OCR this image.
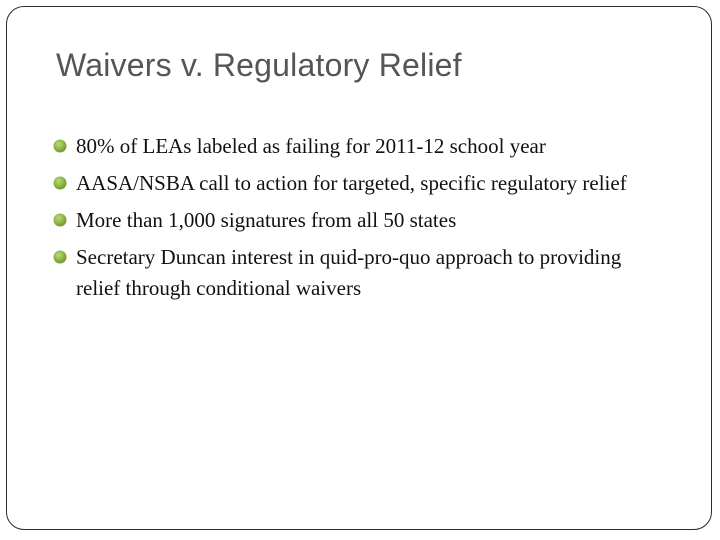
Waivers v. Regulatory Relief
80% of LEAs labeled as failing for 2011-12 school year
AASA/NSBA call to action for targeted, specific regulatory relief
More than 1,000 signatures from all 50 states
Secretary Duncan interest in quid-pro-quo approach to providing relief through conditional waivers
